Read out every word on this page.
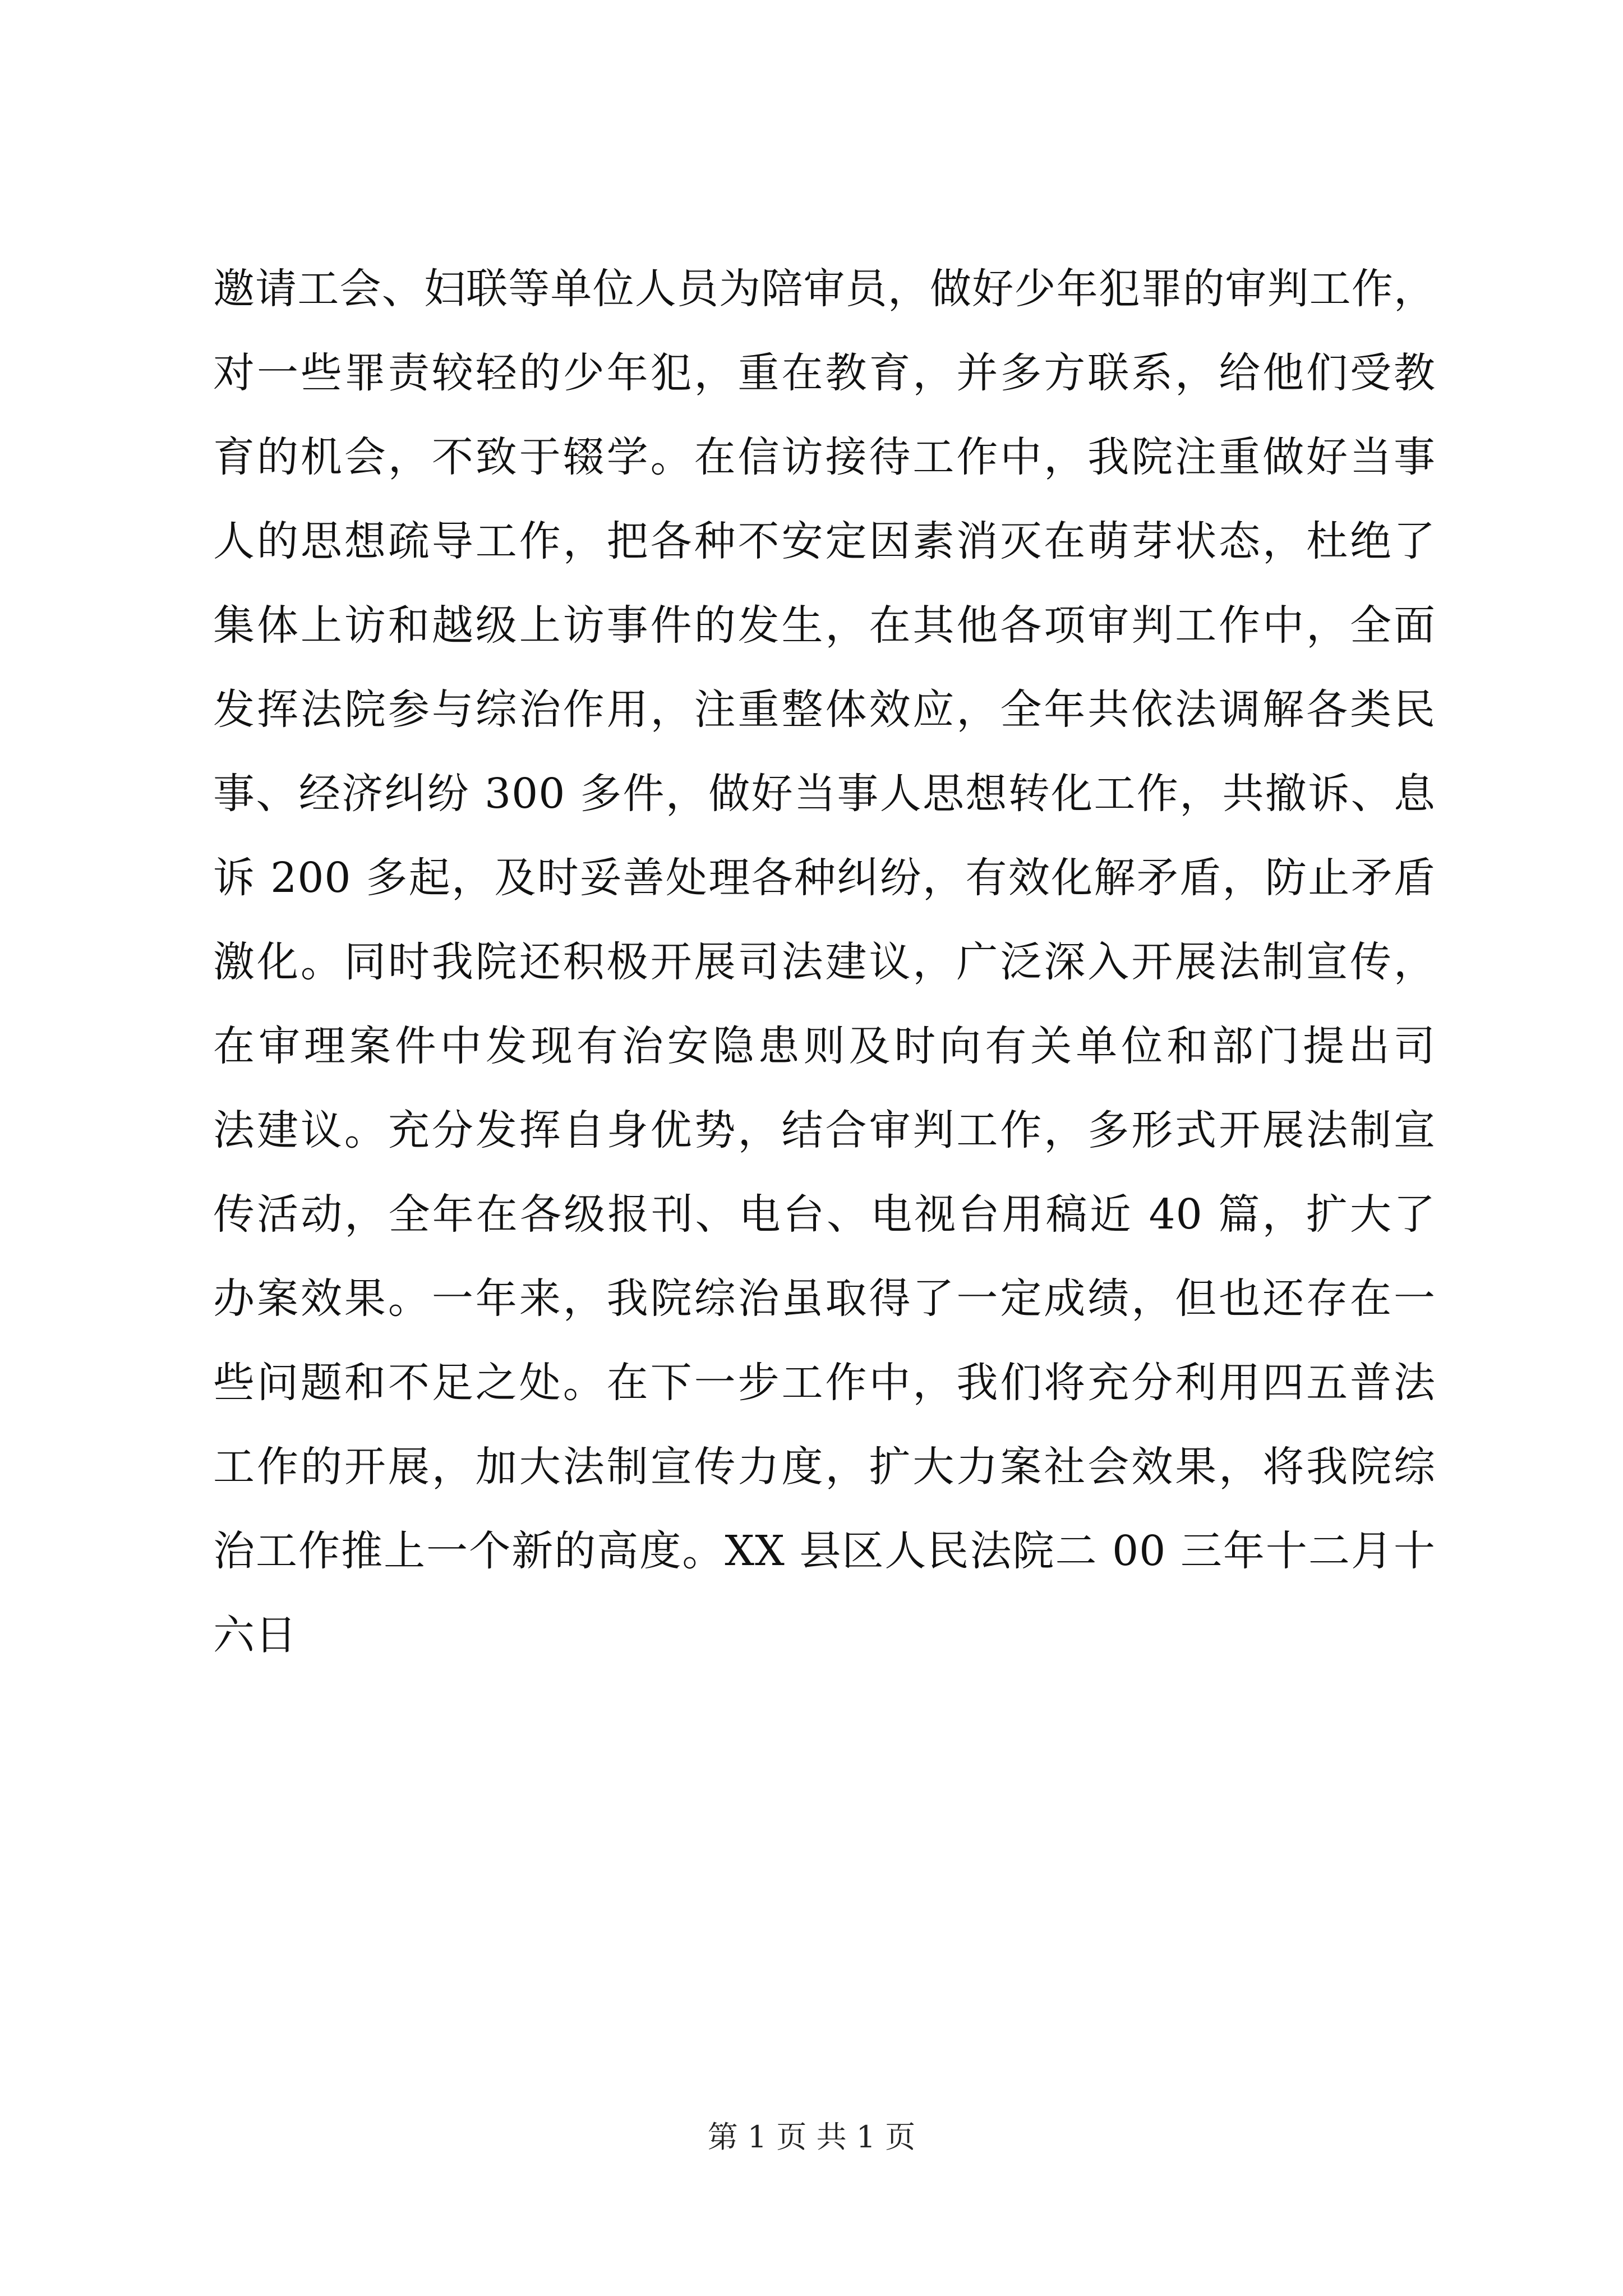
邀请工会、妇联等单位人员为陪审员，做好少年犯罪的审判工作，
对一些罪责较轻的少年犯，重在教育，并多方联系，给他们受教
育的机会，不致于辍学。在信访接待工作中，我院注重做好当事
人的思想疏导工作，把各种不安定因素消灭在萌芽状态，杜绝了
集体上访和越级上访事件的发生，在其他各项审判工作中，全面
发挥法院参与综治作用，注重整体效应，全年共依法调解各类民
事、经济纠纷 300 多件，做好当事人思想转化工作，共撤诉、息
诉 200 多起，及时妥善处理各种纠纷，有效化解矛盾，防止矛盾
激化。同时我院还积极开展司法建议，广泛深入开展法制宣传，
在审理案件中发现有治安隐患则及时向有关单位和部门提出司
法建议。充分发挥自身优势，结合审判工作，多形式开展法制宣
传活动，全年在各级报刊、电台、电视台用稿近 40 篇，扩大了
办案效果。一年来，我院综治虽取得了一定成绩，但也还存在一
些问题和不足之处。在下一步工作中，我们将充分利用四五普法
工作的开展，加大法制宣传力度，扩大力案社会效果，将我院综
治工作推上一个新的高度。XX 县区人民法院二 00 三年十二月十
六日
第 1 页 共 1 页
